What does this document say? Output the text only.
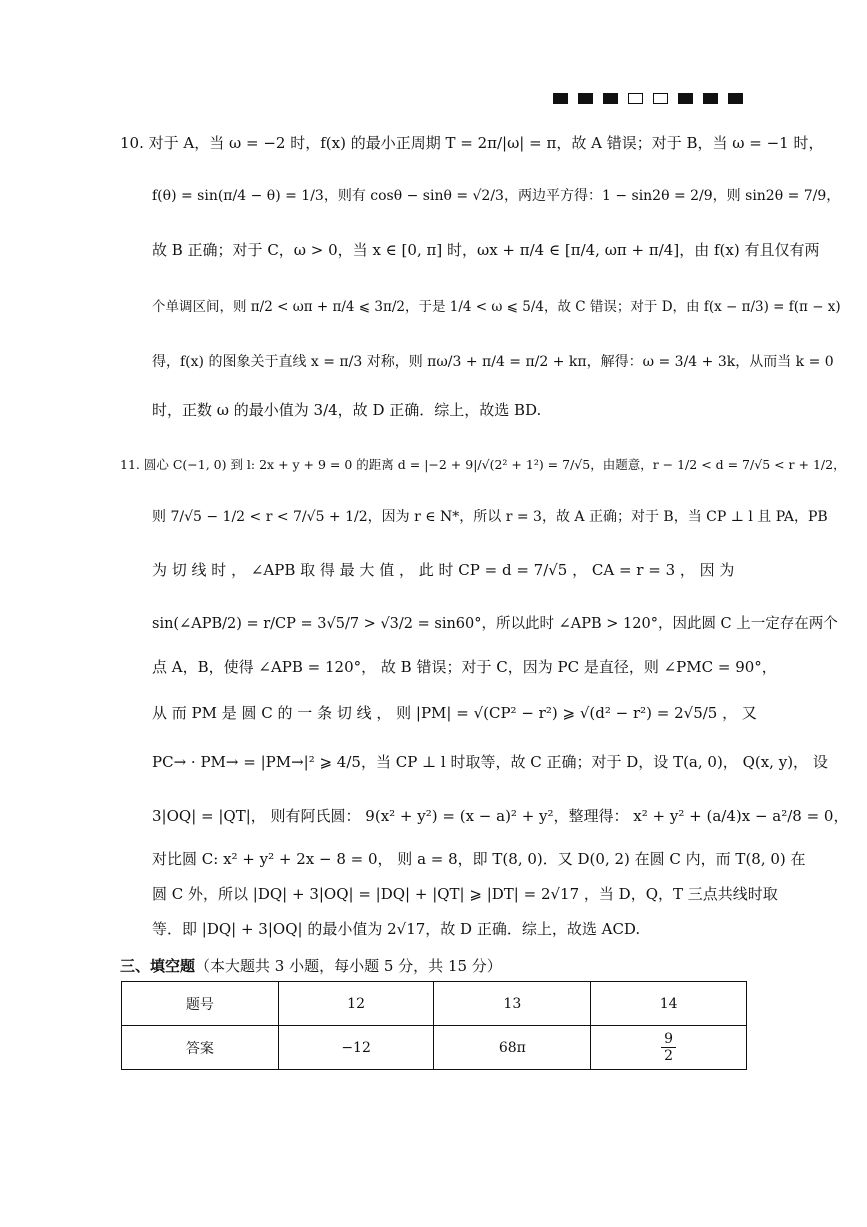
10. 对于 A，当 ω = −2 时，f(x) 的最小正周期 T = 2π/|ω| = π，故 A 错误；对于 B，当 ω = −1 时，
f(θ) = sin(π/4 − θ) = 1/3，则有 cosθ − sinθ = √2/3，两边平方得：1 − sin2θ = 2/9，则 sin2θ = 7/9，
故 B 正确；对于 C，ω > 0，当 x ∈ [0, π] 时，ωx + π/4 ∈ [π/4, ωπ + π/4]，由 f(x) 有且仅有两
个单调区间，则 π/2 < ωπ + π/4 ⩽ 3π/2，于是 1/4 < ω ⩽ 5/4，故 C 错误；对于 D，由 f(x − π/3) = f(π − x)
得，f(x) 的图象关于直线 x = π/3 对称，则 πω/3 + π/4 = π/2 + kπ，解得：ω = 3/4 + 3k，从而当 k = 0
时，正数 ω 的最小值为 3/4，故 D 正确．综上，故选 BD.
11. 圆心 C(−1, 0) 到 l: 2x + y + 9 = 0 的距离 d = |−2 + 9|/√(2² + 1²) = 7/√5，由题意，r − 1/2 < d = 7/√5 < r + 1/2，
则 7/√5 − 1/2 < r < 7/√5 + 1/2，因为 r ∈ N*，所以 r = 3，故 A 正确；对于 B，当 CP ⊥ l 且 PA，PB
为 切 线 时 ， ∠APB 取 得 最 大 值 ， 此 时 CP = d = 7/√5 ， CA = r = 3 ， 因 为
sin(∠APB/2) = r/CP = 3√5/7 > √3/2 = sin60°，所以此时 ∠APB > 120°，因此圆 C 上一定存在两个
点 A，B，使得 ∠APB = 120°， 故 B 错误；对于 C，因为 PC 是直径，则 ∠PMC = 90°，
从 而 PM 是 圆 C 的 一 条 切 线 ， 则 |PM| = √(CP² − r²) ⩾ √(d² − r²) = 2√5/5 ， 又
PC→ · PM→ = |PM→|² ⩾ 4/5，当 CP ⊥ l 时取等，故 C 正确；对于 D，设 T(a, 0)， Q(x, y)， 设
3|OQ| = |QT|， 则有阿氏圆： 9(x² + y²) = (x − a)² + y²，整理得： x² + y² + (a/4)x − a²/8 = 0，
对比圆 C: x² + y² + 2x − 8 = 0， 则 a = 8，即 T(8, 0)．又 D(0, 2) 在圆 C 内，而 T(8, 0) 在
圆 C 外，所以 |DQ| + 3|OQ| = |DQ| + |QT| ⩾ |DT| = 2√17 ，当 D，Q，T 三点共线时取
等．即 |DQ| + 3|OQ| 的最小值为 2√17，故 D 正确．综上，故选 ACD.
三、填空题（本大题共 3 小题，每小题 5 分，共 15 分）
题号	12	13	14
答案	−12	68π	$\frac{9}{2}$
